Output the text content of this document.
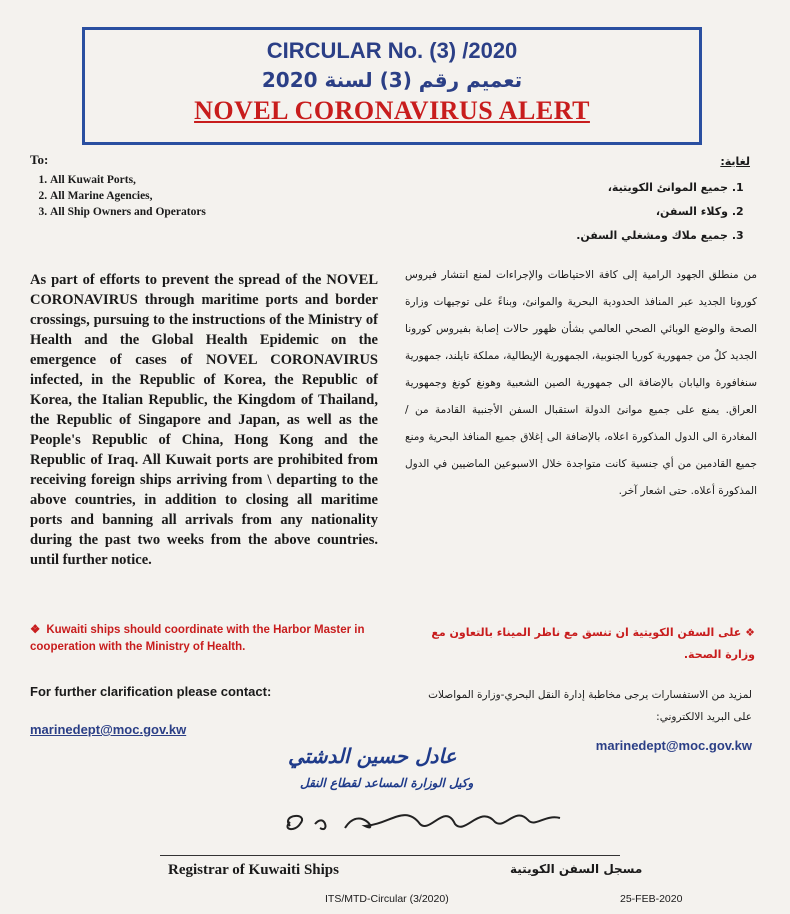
CIRCULAR No. (3) /2020
تعميم رقم (3) لسنة 2020
NOVEL CORONAVIRUS ALERT
To:
1. All Kuwait Ports,
2. All Marine Agencies,
3. All Ship Owners and Operators
لغاية:
1. جميع الموانئ الكويتية،
2. وكلاء السفن،
3. جميع ملاك ومشغلي السفن.
As part of efforts to prevent the spread of the NOVEL CORONAVIRUS through maritime ports and border crossings, pursuing to the instructions of the Ministry of Health and the Global Health Epidemic on the emergence of cases of NOVEL CORONAVIRUS infected, in the Republic of Korea, the Republic of Korea, the Italian Republic, the Kingdom of Thailand, the Republic of Singapore and Japan, as well as the People's Republic of China, Hong Kong and the Republic of Iraq. All Kuwait ports are prohibited from receiving foreign ships arriving from \ departing to the above countries, in addition to closing all maritime ports and banning all arrivals from any nationality during the past two weeks from the above countries. until further notice.
من منطلق الجهود الرامية إلى كافة الاحتياطات والإجراءات لمنع انتشار فيروس كورونا الجديد عبر المنافذ الحدودية البحرية والموانئ، وبناءً على توجيهات وزارة الصحة والوضع الوبائي الصحي العالمي بشأن ظهور حالات إصابة بفيروس كورونا الجديد كلٌ من جمهورية كوريا الجنوبية، الجمهورية الإيطالية، مملكة تايلند، جمهورية سنغافورة واليابان بالإضافة الى جمهورية الصين الشعبية وهونغ كونغ وجمهورية العراق. يمنع على جميع موانئ الدولة استقبال السفن الأجنبية القادمة من / المغادرة الى الدول المذكورة اعلاه، بالإضافة الى إغلاق جميع المنافذ البحرية ومنع جميع القادمين من أي جنسية كانت متواجدة خلال الاسبوعين الماضيين في الدول المذكورة أعلاه. حتى اشعار آخر.
❖ Kuwaiti ships should coordinate with the Harbor Master in cooperation with the Ministry of Health.
❖ على السفن الكويتية ان تنسق مع ناظر الميناء بالتعاون مع وزارة الصحة.
For further clarification please contact:
marinedept@moc.gov.kw
لمزيد من الاستفسارات يرجى مخاطبة إدارة النقل البحري-وزارة المواصلات على البريد الالكتروني:
marinedept@moc.gov.kw
عادل حسين الدشتي
وكيل الوزارة المساعد لقطاع النقل
Registrar of Kuwaiti Ships	مسجل السفن الكويتية
ITS/MTD-Circular (3/2020)	25-FEB-2020
